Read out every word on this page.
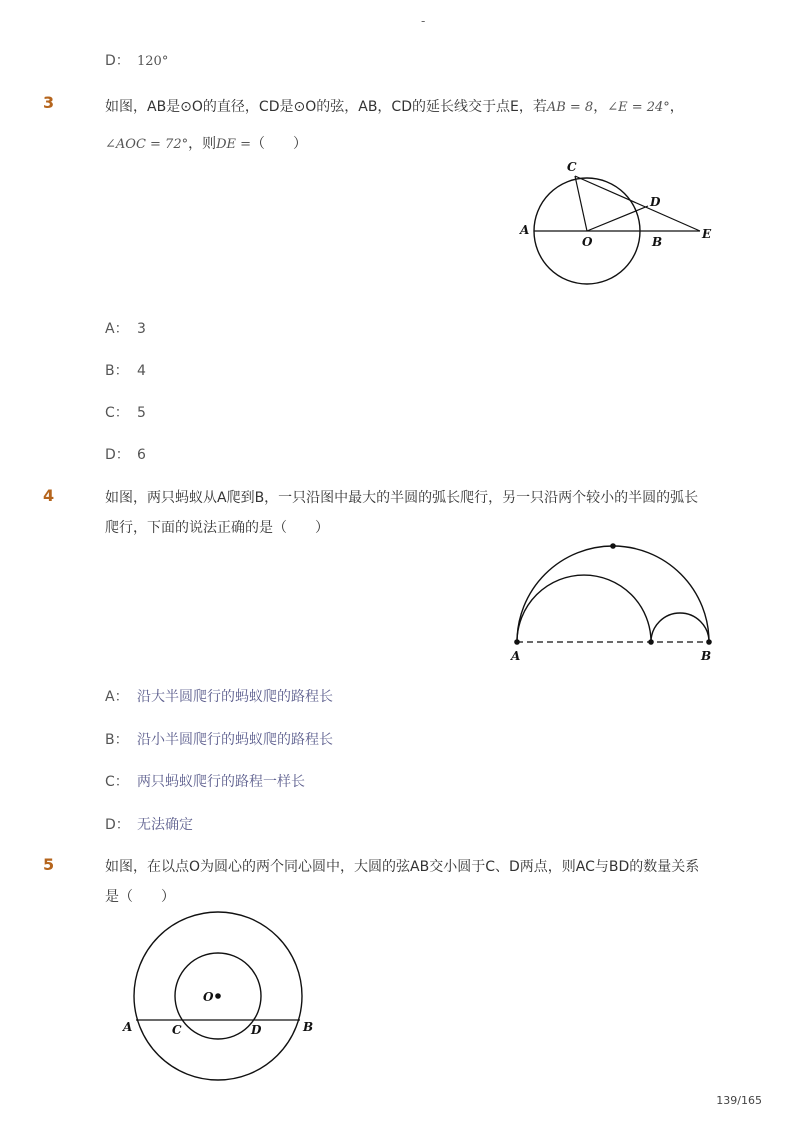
-
D： 120°
3	如图，AB是⊙O的直径，CD是⊙O的弦，AB，CD的延长线交于点E，若AB = 8，∠E = 24°，
∠AOC = 72°，则DE =（　　）
C
D
A
O	B
E
A： 3
B： 4
C： 5
D： 6
4	如图，两只蚂蚁从A爬到B，一只沿图中最大的半圆的弧长爬行，另一只沿两个较小的半圆的弧长
爬行，下面的说法正确的是（　　）
A	B
A： 沿大半圆爬行的蚂蚁爬的路程长
B： 沿小半圆爬行的蚂蚁爬的路程长
C： 两只蚂蚁爬行的路程一样长
D： 无法确定
5	如图，在以点O为圆心的两个同心圆中，大圆的弦AB交小圆于C、D两点，则AC与BD的数量关系
是（　　）
O
A	C	D	B
139/165
